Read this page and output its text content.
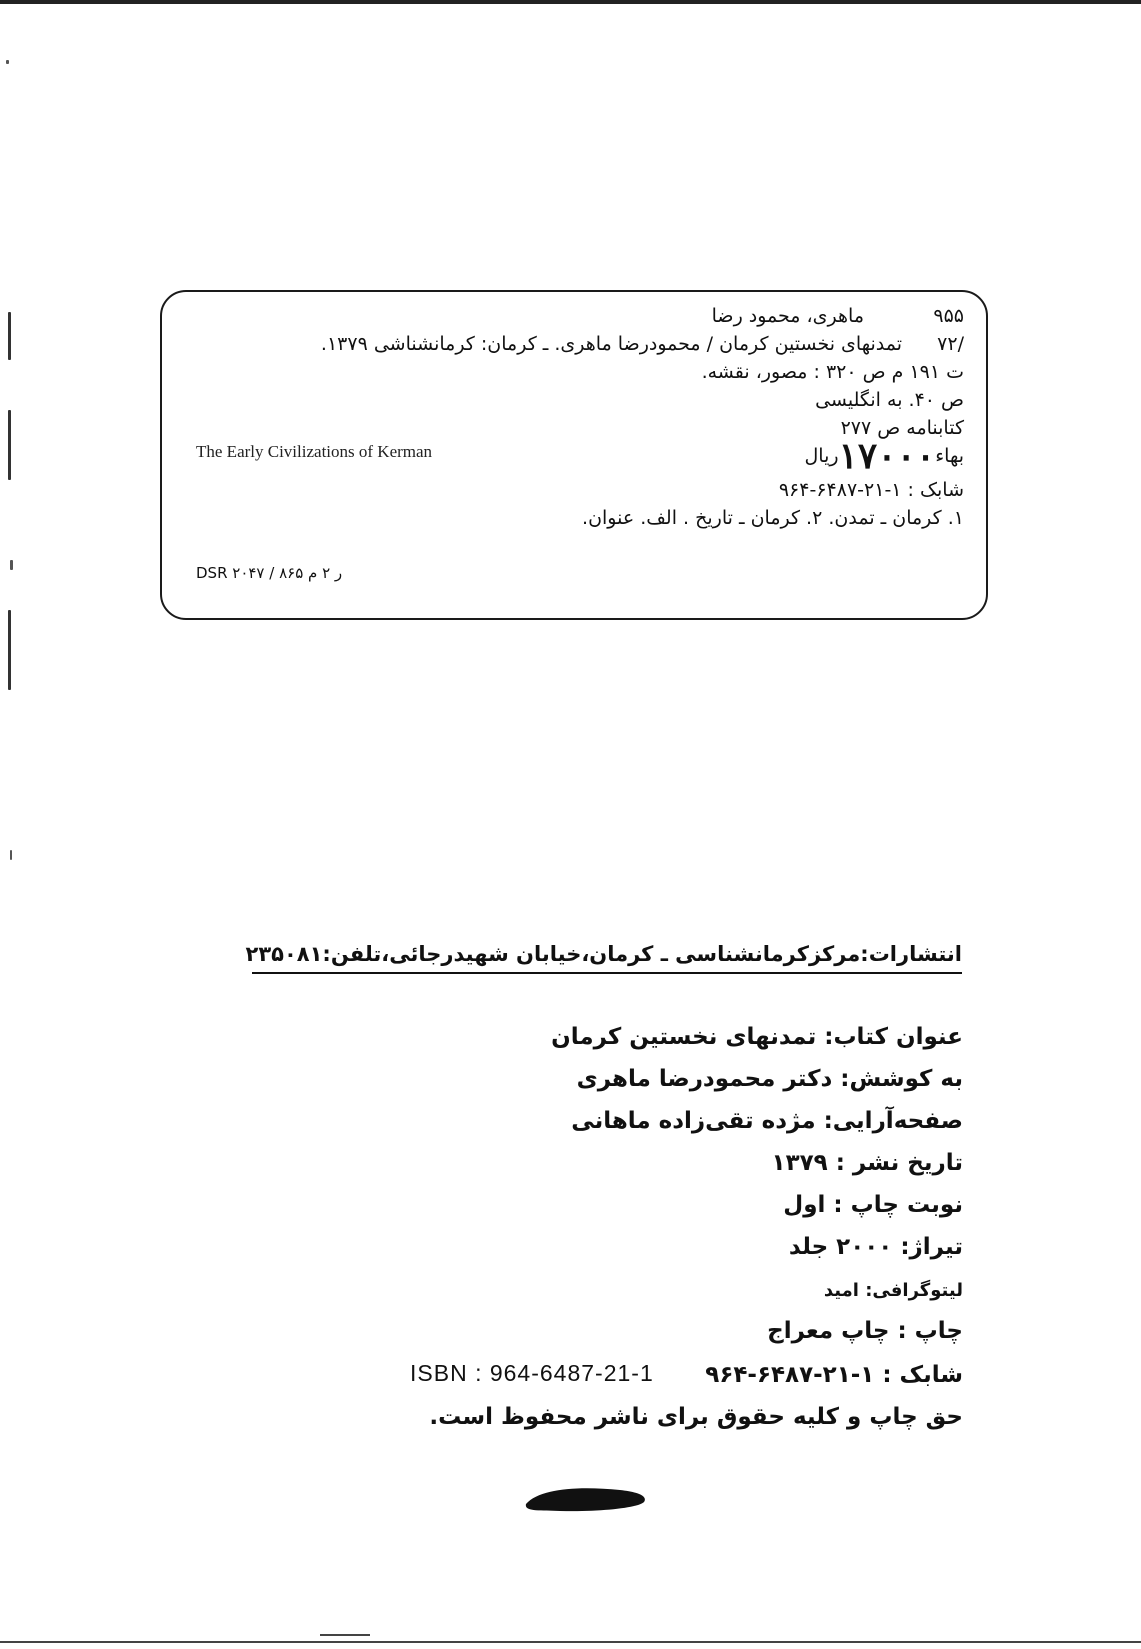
۹۵۵
ماهری، محمود رضا
/۷۲
تمدنهای نخستین کرمان / محمودرضا ماهری. ـ کرمان: کرمانشناشی ۱۳۷۹.
ت ۱۹۱ م ص ۳۲۰ : مصور، نقشه.
ص ۴۰. به انگلیسی
کتابنامه ص ۲۷۷
بهاء۱۷۰۰۰ریال
شابک : ۱-۲۱-۶۴۸۷-۹۶۴
۱. کرمان ـ تمدن. ۲. کرمان ـ تاریخ . الف. عنوان.
The Early Civilizations of Kerman
DSR ۲۰۴۷ / ۸۶۵ ر ۲ م
انتشارات:مرکزکرمانشناسی ـ کرمان،خیابان شهیدرجائی،تلفن:۲۳۵۰۸۱
عنوان کتاب: تمدنهای نخستین کرمان
به کوشش: دکتر محمودرضا ماهری
صفحه‌آرایی: مژده تقی‌زاده ماهانی
تاریخ نشر : ۱۳۷۹
نوبت چاپ : اول
تیراژ: ۲۰۰۰ جلد
لیتوگرافی: امید
چاپ : چاپ معراج
ISBN : 964-6487-21-1 شابک : ۱-۲۱-۶۴۸۷-۹۶۴
حق چاپ و کلیه حقوق برای ناشر محفوظ است.
